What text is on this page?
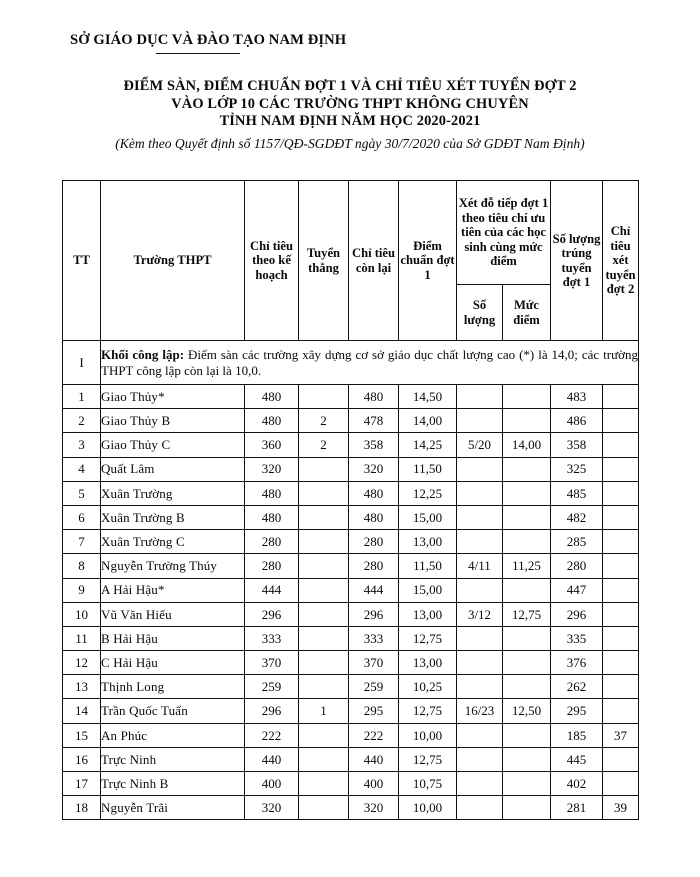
SỞ GIÁO DỤC VÀ ĐÀO TẠO NAM ĐỊNH
ĐIỂM SÀN, ĐIỂM CHUẨN ĐỢT 1 VÀ CHỈ TIÊU XÉT TUYỂN ĐỢT 2
VÀO LỚP 10 CÁC TRƯỜNG THPT KHÔNG CHUYÊN
TỈNH NAM ĐỊNH NĂM HỌC 2020-2021
(Kèm theo Quyết định số 1157/QĐ-SGDĐT ngày 30/7/2020 của Sở GDĐT Nam Định)
TT	Trường THPT	Chỉ tiêu theo kế hoạch	Tuyển thẳng	Chỉ tiêu còn lại	Điểm chuẩn đợt 1	Xét đỗ tiếp đợt 1 theo tiêu chí ưu tiên của các học sinh cùng mức điểm		Số lượng trúng tuyển đợt 1	Chỉ tiêu xét tuyển đợt 2
						Số lượng	Mức điểm		
I	Khối công lập: Điểm sàn các trường xây dựng cơ sở giáo dục chất lượng cao (*) là 14,0; các trường THPT công lập còn lại là 10,0.								
1	Giao Thủy*	480		480	14,50			483	
2	Giao Thủy B	480	2	478	14,00			486	
3	Giao Thủy C	360	2	358	14,25	5/20	14,00	358	
4	Quất Lâm	320		320	11,50			325	
5	Xuân Trường	480		480	12,25			485	
6	Xuân Trường B	480		480	15,00			482	
7	Xuân Trường C	280		280	13,00			285	
8	Nguyễn Trường Thúy	280		280	11,50	4/11	11,25	280	
9	A Hải Hậu*	444		444	15,00			447	
10	Vũ Văn Hiếu	296		296	13,00	3/12	12,75	296	
11	B Hải Hậu	333		333	12,75			335	
12	C Hải Hậu	370		370	13,00			376	
13	Thịnh Long	259		259	10,25			262	
14	Trần Quốc Tuấn	296	1	295	12,75	16/23	12,50	295	
15	An Phúc	222		222	10,00			185	37
16	Trực Ninh	440		440	12,75			445	
17	Trực Ninh B	400		400	10,75			402	
18	Nguyễn Trãi	320		320	10,00			281	39
